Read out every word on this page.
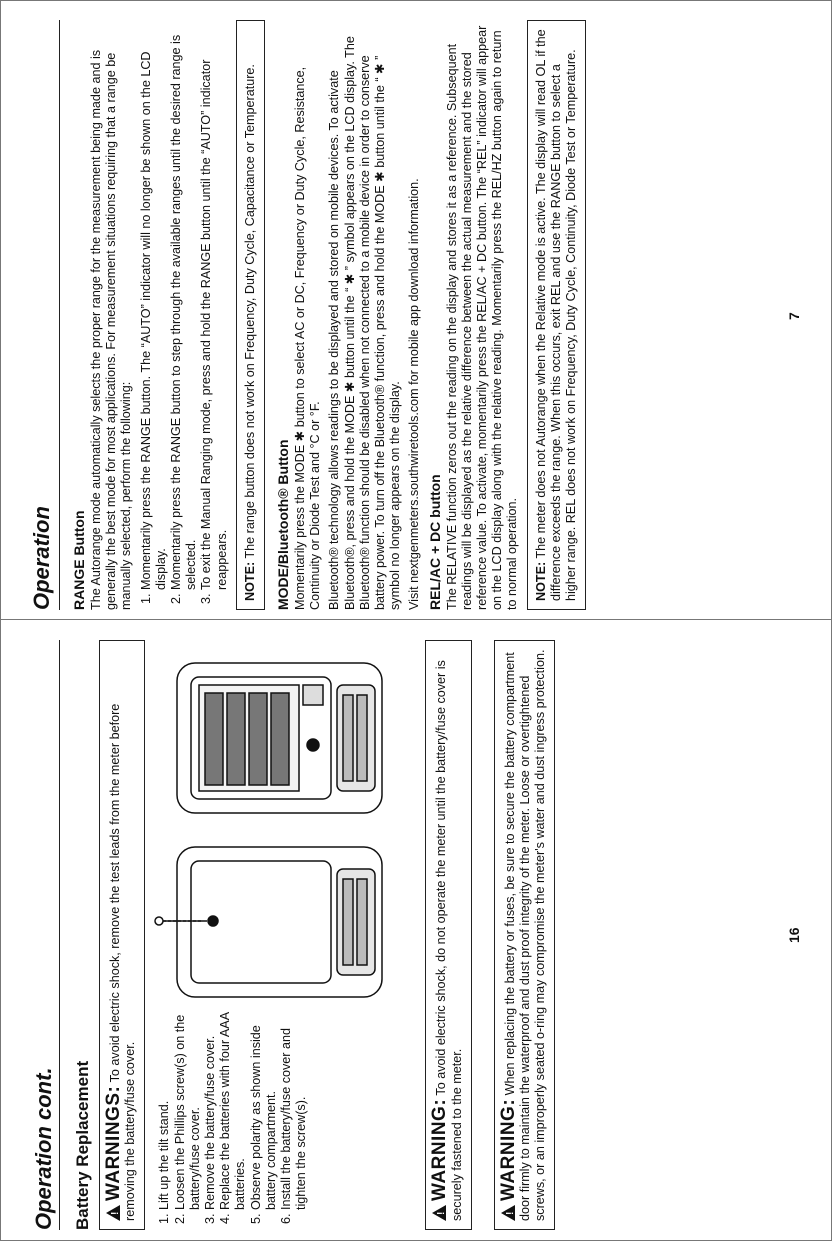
Operation RANGE Button The Autorange mode automatically selects the proper range for the measurement being made and is generally the best mode for most applications. For measurement situations requiring that a range be manually selected, perform the following: 1. Momentarily press the RANGE button. The “AUTO” indicator will no longer be shown on the LCD display. 2. Momentarily press the RANGE button to step through the available ranges until the desired range is selected. 3. To exit the Manual Ranging mode, press and hold the RANGE button until the “AUTO” indicator reappears.	NOTE: The range button does not work on Frequency, Duty Cycle, Capacitance or Temperature.	MODE/Bluetooth® Button Momentarily press the MODE ✱ button to select AC or DC, Frequency or Duty Cycle, Resistance, Continuity or Diode Test and °C or °F. Bluetooth® technology allows readings to be displayed and stored on mobile devices. To activate Bluetooth®, press and hold the MODE ✱ button until the “ ✱ ” symbol appears on the LCD display. The Bluetooth® function should be disabled when not connected to a mobile device in order to conserve battery power. To turn off the Bluetooth® function, press and hold the MODE ✱ button until the “ ✱ ” symbol no longer appears on the display. Visit nextgenmeters.southwiretools.com for mobile app download information. REL/AC + DC button The RELATIVE function zeros out the reading on the display and stores it as a reference. Subsequent readings will be displayed as the relative difference between the actual measurement and the stored reference value. To activate, momentarily press the REL/AC + DC button. The “REL” indicator will appear on the LCD display along with the relative reading. Momentarily press the REL/HZ button again to return to normal operation.	NOTE: The meter does not Autorange when the Relative mode is active. The display will read OL if the difference exceeds the range. When this occurs, exit REL and use the RANGE button to select a higher range. REL does not work on Frequency, Duty Cycle, Continuity, Diode Test or Temperature.	7
Operation cont. Battery Replacement
! WARNINGS: To avoid electric shock, remove the test leads from the meter before removing the battery/fuse cover.	1. Lift up the tilt stand. 2. Loosen the Phillips screw(s) on the battery/fuse cover. 3. Remove the battery/fuse cover. 4. Replace the batteries with four AAA batteries. 5. Observe polarity as shown inside battery compartment. 6. Install the battery/fuse cover and tighten the screw(s).
!	WARNING: To avoid electric shock, do not operate the meter until the battery/fuse cover is securely fastened to the meter.
!	WARNING: When replacing the battery or fuses, be sure to secure the battery compartment door firmly to maintain the waterproof and dust proof integrity of the meter. Loose or overtightened screws, or an improperly seated o-ring may compromise the meter's water and dust ingress protection.	16
